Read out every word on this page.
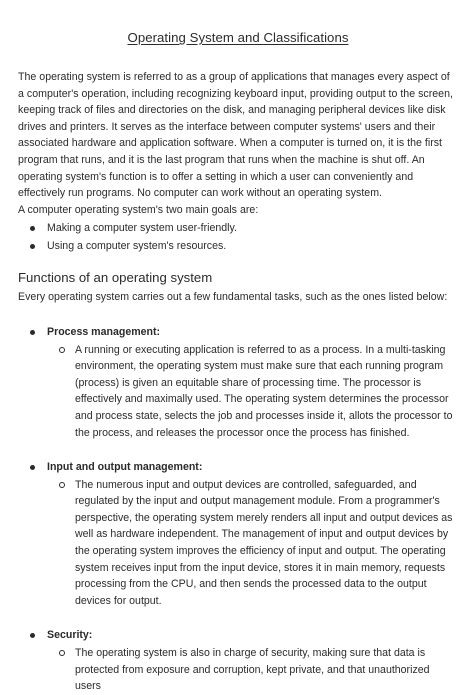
Operating System and Classifications

The operating system is referred to as a group of applications that manages every aspect of a computer's operation, including recognizing keyboard input, providing output to the screen, keeping track of files and directories on the disk, and managing peripheral devices like disk drives and printers. It serves as the interface between computer systems' users and their associated hardware and application software. When a computer is turned on, it is the first program that runs, and it is the last program that runs when the machine is shut off. An operating system's function is to offer a setting in which a user can conveniently and effectively run programs. No computer can work without an operating system.

A computer operating system's two main goals are:

Making a computer system user-friendly.
Using a computer system's resources.
Functions of an operating system

Every operating system carries out a few fundamental tasks, such as the ones listed below:

Process management:
A running or executing application is referred to as a process. In a multi-tasking environment, the operating system must make sure that each running program (process) is given an equitable share of processing time. The processor is effectively and maximally used. The operating system determines the processor and process state, selects the job and processes inside it, allots the processor to the process, and releases the processor once the process has finished.
Input and output management:
The numerous input and output devices are controlled, safeguarded, and regulated by the input and output management module. From a programmer's perspective, the operating system merely renders all input and output devices as well as hardware independent. The management of input and output devices by the operating system improves the efficiency of input and output. The operating system receives input from the input device, stores it in main memory, requests processing from the CPU, and then sends the processed data to the output devices for output.
Security:
The operating system is also in charge of security, making sure that data is protected from exposure and corruption, kept private, and that unauthorized users
